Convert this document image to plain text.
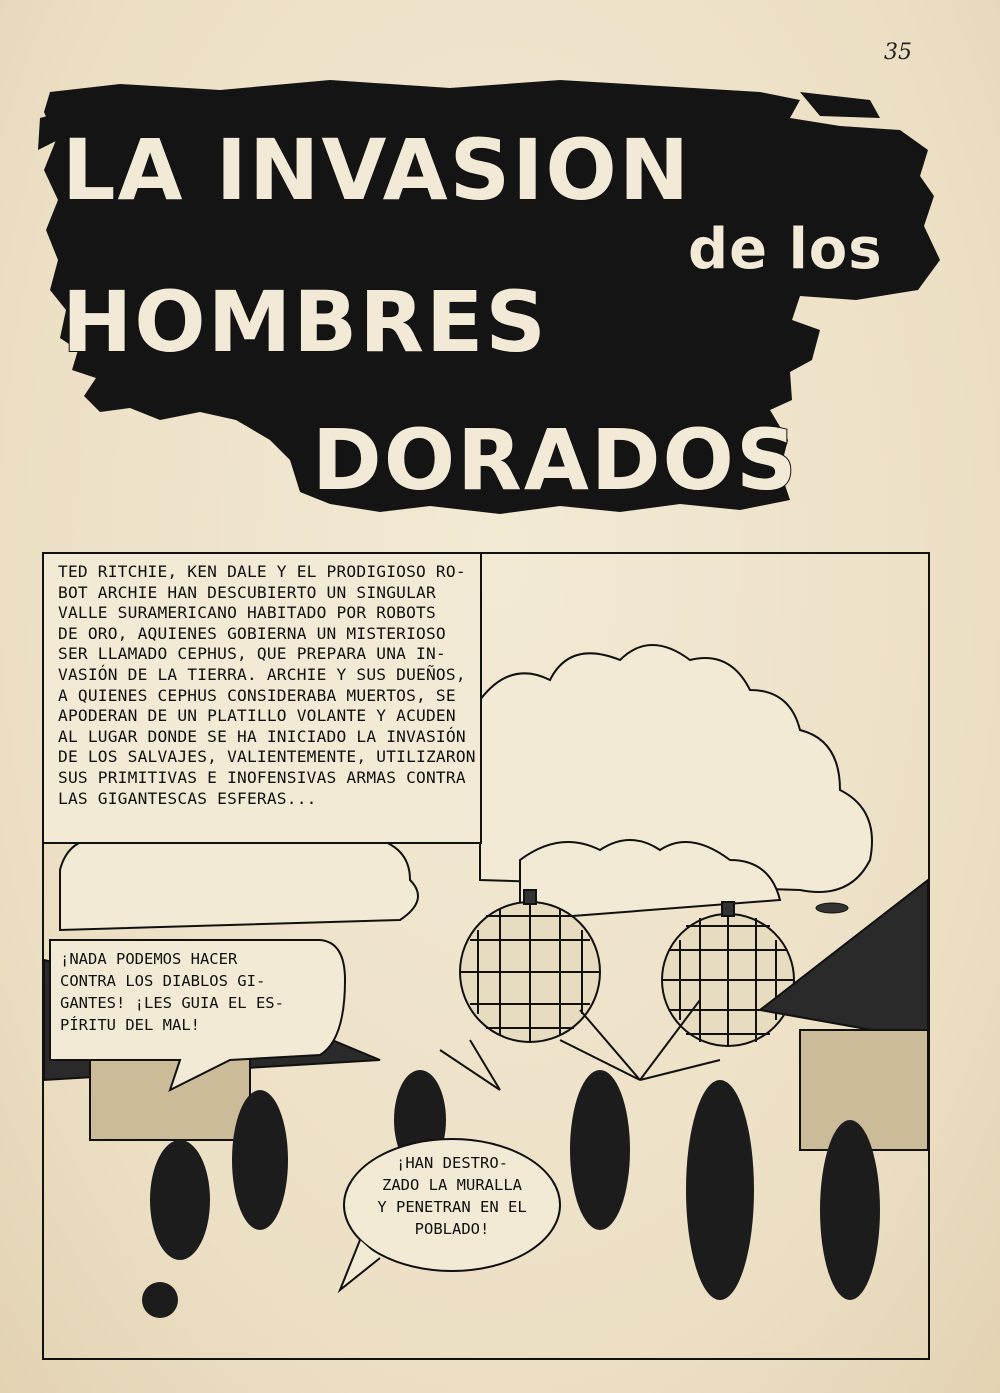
35
LA INVASION
de los
HOMBRES
DORADOS
TED RITCHIE, KEN DALE Y EL PRODIGIOSO RO-
BOT ARCHIE HAN DESCUBIERTO UN SINGULAR
VALLE SURAMERICANO HABITADO POR ROBOTS
DE ORO, AQUIENES GOBIERNA UN MISTERIOSO
SER LLAMADO CEPHUS, QUE PREPARA UNA IN-
VASIÓN DE LA TIERRA. ARCHIE Y SUS DUEÑOS,
A QUIENES CEPHUS CONSIDERABA MUERTOS, SE
APODERAN DE UN PLATILLO VOLANTE Y ACUDEN
AL LUGAR DONDE SE HA INICIADO LA INVASIÓN
DE LOS SALVAJES, VALIENTEMENTE, UTILIZARON
SUS PRIMITIVAS E INOFENSIVAS ARMAS CONTRA
LAS GIGANTESCAS ESFERAS...
¡NADA PODEMOS HACER
CONTRA LOS DIABLOS GI-
GANTES! ¡LES GUIA EL ES-
PÍRITU DEL MAL!
¡HAN DESTRO-
ZADO LA MURALLA
Y PENETRAN EN EL
POBLADO!
